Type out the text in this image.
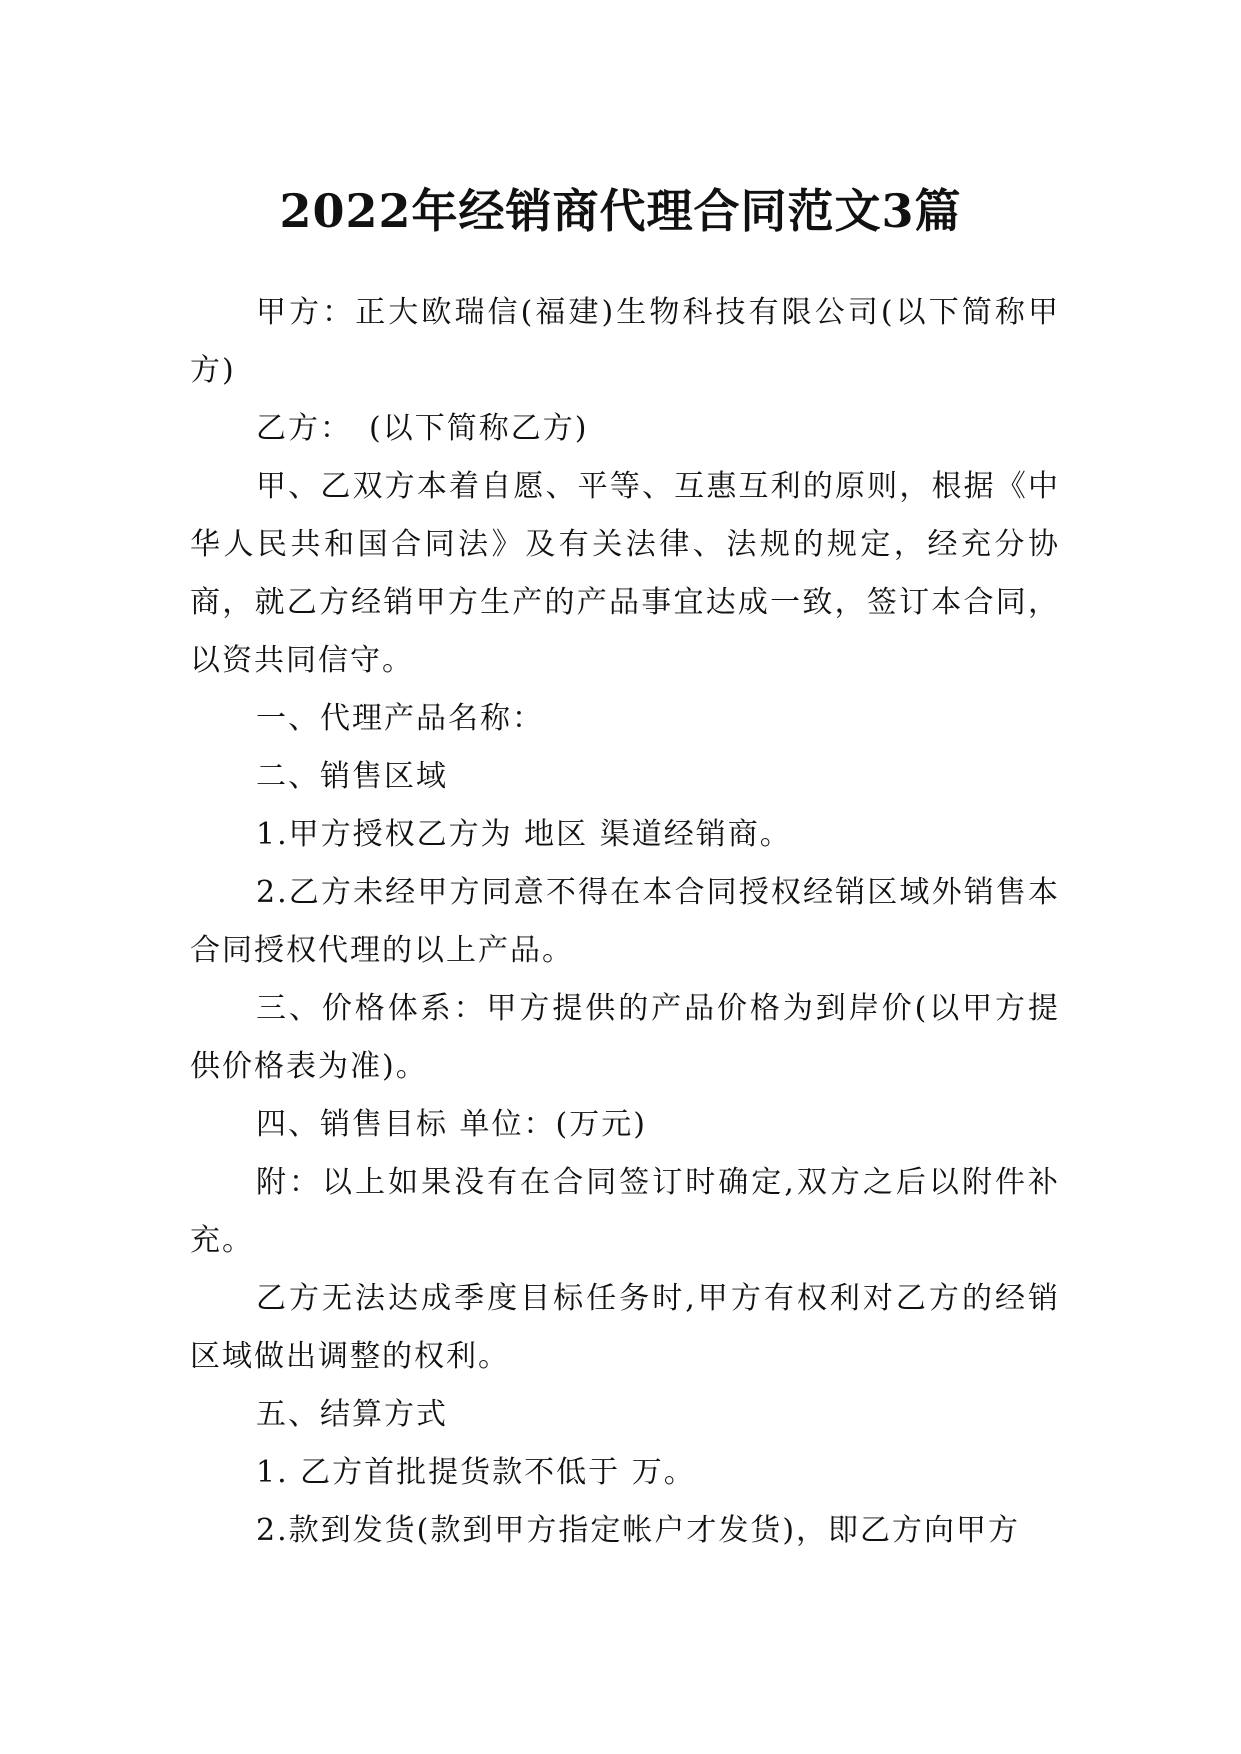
2022年经销商代理合同范文3篇

甲方：正大欧瑞信(福建)生物科技有限公司(以下简称甲方)

乙方：　(以下简称乙方)

甲、乙双方本着自愿、平等、互惠互利的原则，根据《中华人民共和国合同法》及有关法律、法规的规定，经充分协商，就乙方经销甲方生产的产品事宜达成一致，签订本合同，以资共同信守。

一、代理产品名称：

二、销售区域

1.甲方授权乙方为 地区 渠道经销商。

2.乙方未经甲方同意不得在本合同授权经销区域外销售本合同授权代理的以上产品。

三、价格体系：甲方提供的产品价格为到岸价(以甲方提供价格表为准)。

四、销售目标 单位：(万元)

附：以上如果没有在合同签订时确定,双方之后以附件补充。

乙方无法达成季度目标任务时,甲方有权利对乙方的经销区域做出调整的权利。

五、结算方式

1. 乙方首批提货款不低于 万。

2.款到发货(款到甲方指定帐户才发货)，即乙方向甲方
